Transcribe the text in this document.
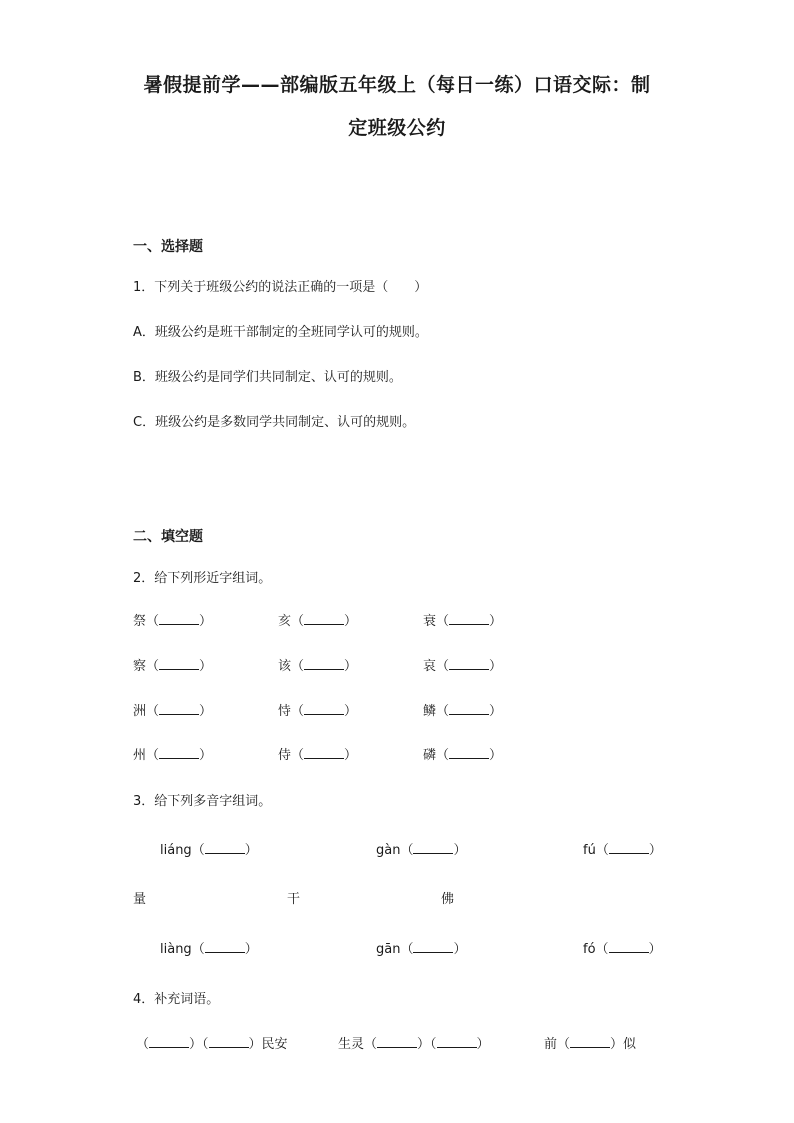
暑假提前学——部编版五年级上（每日一练）口语交际：制
定班级公约
一、选择题
1．下列关于班级公约的说法正确的一项是（　　）
A．班级公约是班干部制定的全班同学认可的规则。
B．班级公约是同学们共同制定、认可的规则。
C．班级公约是多数同学共同制定、认可的规则。
二、填空题
2．给下列形近字组词。
祭（	）	亥（	）	衰（	）
察（	）	该（	）	哀（	）
洲（	）	恃（	）	鳞（	）
州（	）	侍（	）	磷（	）
3．给下列多音字组词。
liáng（	）	gàn（	）	fú（	）
量	干	佛
liàng（	）	gān（	）	fó（	）
4．补充词语。
（	）（	）民安	生灵（	）（	）	前（	）似
